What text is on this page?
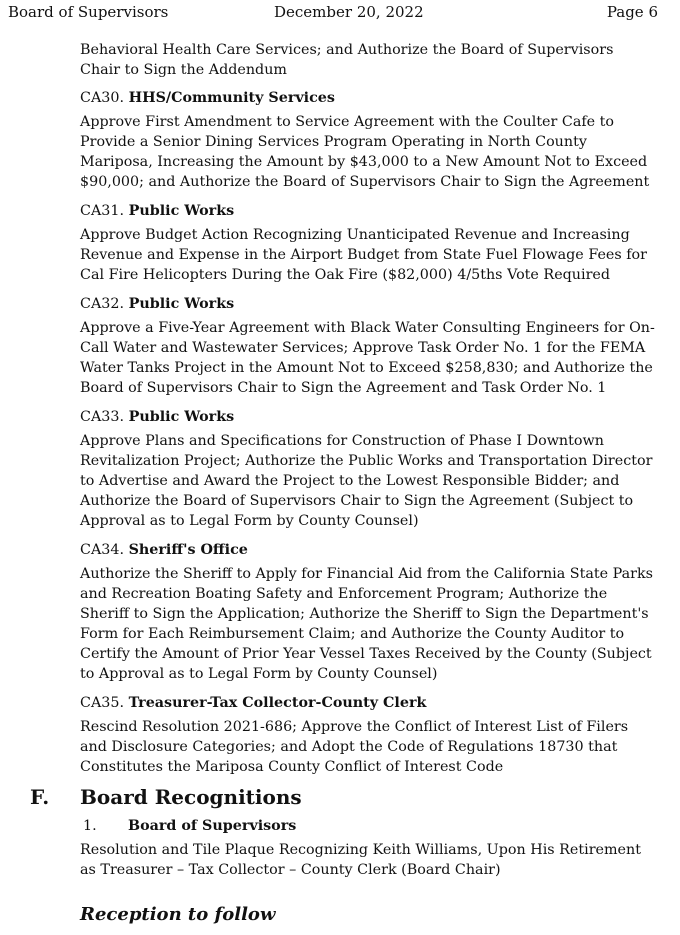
Board of Supervisors	December 20, 2022	Page 6

Behavioral Health Care Services; and Authorize the Board of Supervisors Chair to Sign the Addendum

CA30. HHS/Community Services

Approve First Amendment to Service Agreement with the Coulter Cafe to Provide a Senior Dining Services Program Operating in North County Mariposa, Increasing the Amount by $43,000 to a New Amount Not to Exceed $90,000; and Authorize the Board of Supervisors Chair to Sign the Agreement

CA31. Public Works

Approve Budget Action Recognizing Unanticipated Revenue and Increasing Revenue and Expense in the Airport Budget from State Fuel Flowage Fees for Cal Fire Helicopters During the Oak Fire ($82,000) 4/5ths Vote Required

CA32. Public Works

Approve a Five-Year Agreement with Black Water Consulting Engineers for On-Call Water and Wastewater Services; Approve Task Order No. 1 for the FEMA Water Tanks Project in the Amount Not to Exceed $258,830; and Authorize the Board of Supervisors Chair to Sign the Agreement and Task Order No. 1

CA33. Public Works

Approve Plans and Specifications for Construction of Phase I Downtown Revitalization Project; Authorize the Public Works and Transportation Director to Advertise and Award the Project to the Lowest Responsible Bidder; and Authorize the Board of Supervisors Chair to Sign the Agreement (Subject to Approval as to Legal Form by County Counsel)

CA34. Sheriff's Office

Authorize the Sheriff to Apply for Financial Aid from the California State Parks and Recreation Boating Safety and Enforcement Program; Authorize the Sheriff to Sign the Application; Authorize the Sheriff to Sign the Department's Form for Each Reimbursement Claim; and Authorize the County Auditor to Certify the Amount of Prior Year Vessel Taxes Received by the County (Subject to Approval as to Legal Form by County Counsel)

CA35. Treasurer-Tax Collector-County Clerk

Rescind Resolution 2021-686; Approve the Conflict of Interest List of Filers and Disclosure Categories; and Adopt the Code of Regulations 18730 that Constitutes the Mariposa County Conflict of Interest Code

F. Board Recognitions
1. Board of Supervisors
Resolution and Tile Plaque Recognizing Keith Williams, Upon His Retirement as Treasurer – Tax Collector – County Clerk (Board Chair)
Reception to follow
